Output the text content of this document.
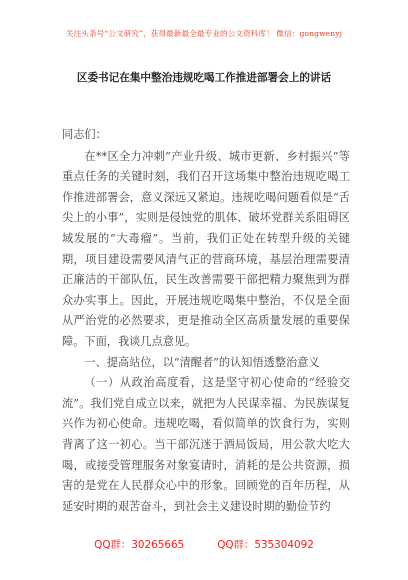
关注头条号“公文研究”，获得最新最全最专业的公文资料库！ 微信：gongwenyj
区委书记在集中整治违规吃喝工作推进部署会上的讲话

同志们：

在**区全力冲刺“产业升级、城市更新、乡村振兴”等重点任务的关键时刻，我们召开这场集中整治违规吃喝工作推进部署会，意义深远又紧迫。违规吃喝问题看似是“舌尖上的小事”，实则是侵蚀党的肌体、破坏党群关系阻碍区域发展的“大毒瘤”。当前，我们正处在转型升级的关键期，项目建设需要风清气正的营商环境，基层治理需要清正廉洁的干部队伍，民生改善需要干部把精力聚焦到为群众办实事上。因此，开展违规吃喝集中整治，不仅是全面从严治党的必然要求，更是推动全区高质量发展的重要保障。下面，我谈几点意见。

一、提高站位，以“清醒者”的认知悟透整治意义

（一）从政治高度看，这是坚守初心使命的“经验交流”。我们党自成立以来，就把为人民谋幸福、为民族谋复兴作为初心使命。违规吃喝，看似简单的饮食行为，实则背离了这一初心。当干部沉迷于酒局饭局，用公款大吃大喝，或接受管理服务对象宴请时，消耗的是公共资源，损害的是党在人民群众心中的形象。回顾党的百年历程，从延安时期的艰苦奋斗，到社会主义建设时期的勤俭节约

QQ群：30265665          QQ群：535304092
